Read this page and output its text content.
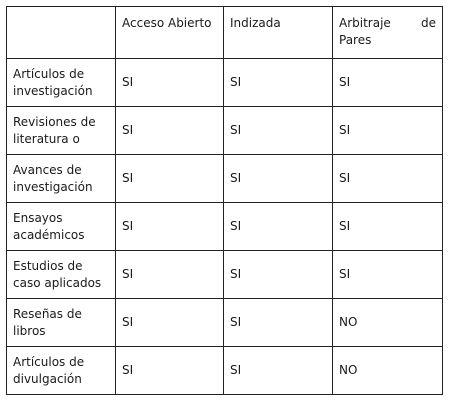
	Acceso Abierto	Indizada	Arbitraje de Pares
Artículos de investigación	SI	SI	SI
Revisiones de literatura o	SI	SI	SI
Avances de investigación	SI	SI	SI
Ensayos académicos	SI	SI	SI
Estudios de caso aplicados	SI	SI	SI
Reseñas de libros	SI	SI	NO
Artículos de divulgación	SI	SI	NO
